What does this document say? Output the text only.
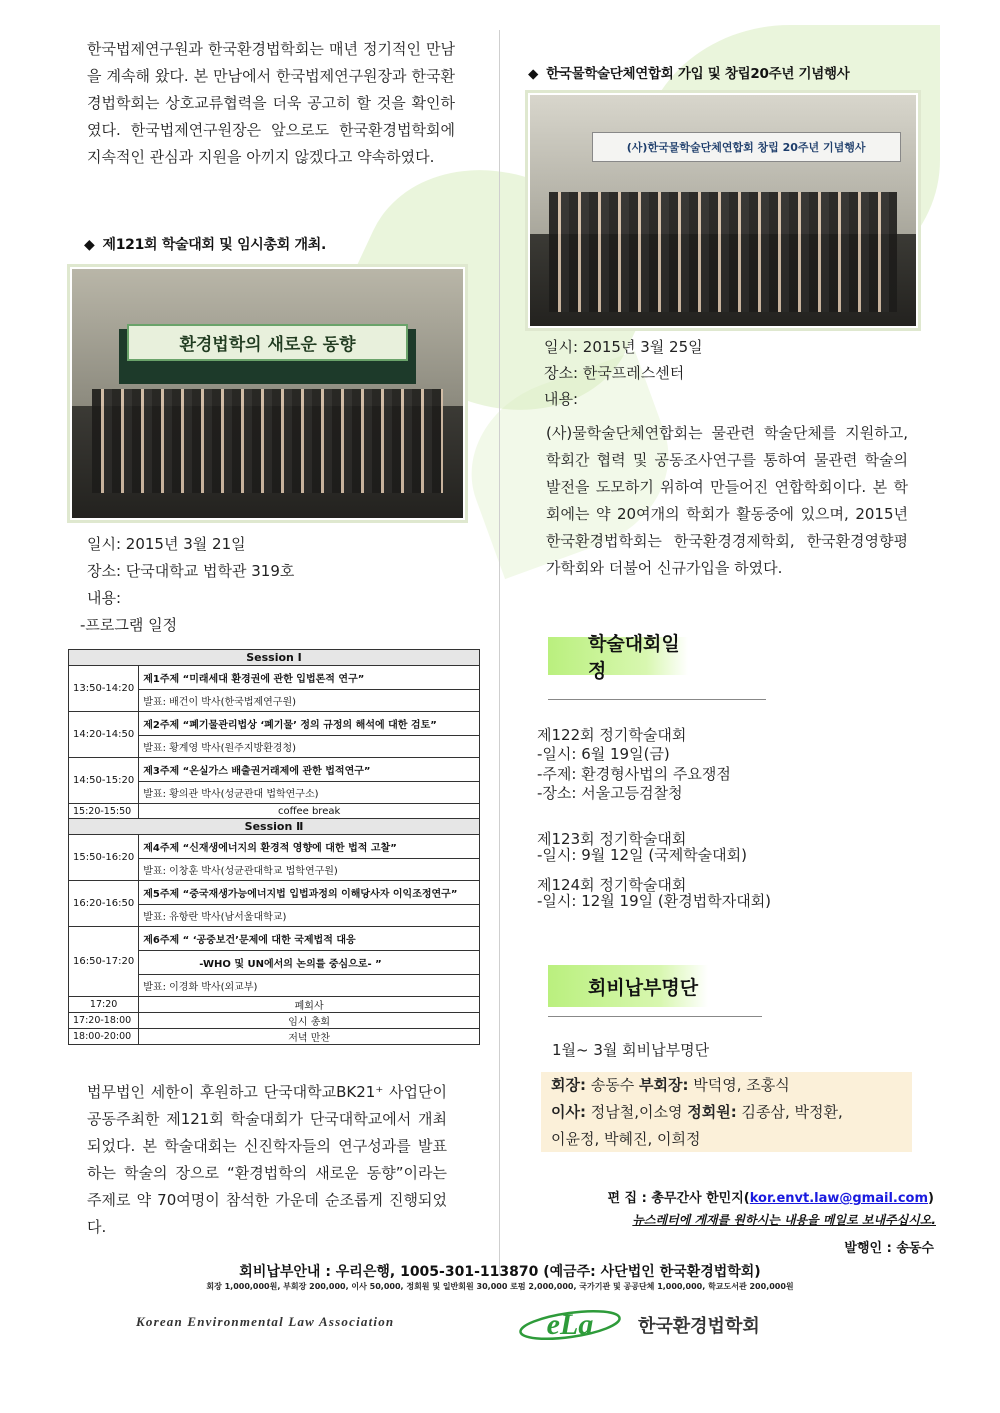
한국법제연구원과 한국환경법학회는 매년 정기적인 만남을 계속해 왔다. 본 만남에서 한국법제연구원장과 한국환경법학회는 상호교류협력을 더욱 공고히 할 것을 확인하였다. 한국법제연구원장은 앞으로도 한국환경법학회에 지속적인 관심과 지원을 아끼지 않겠다고 약속하였다.

◆ 제121회 학술대회 및 임시총회 개최.
환경법학의 새로운 동향
일시: 2015년 3월 21일
장소: 단국대학교 법학관 319호
내용:
-프로그램 일정
Session Ⅰ	
13:50-14:20	제1주제 “미래세대 환경권에 관한 입법론적 연구”
	발표: 배건이 박사(한국법제연구원)
14:20-14:50	제2주제 “폐기물관리법상 ‘폐기물’ 정의 규정의 해석에 대한 검토”
	발표: 황계영 박사(원주지방환경청)
14:50-15:20	제3주제 “온실가스 배출권거래제에 관한 법적연구”
	발표: 황의관 박사(성균관대 법학연구소)
15:20-15:50	coffee break
Session Ⅱ	
15:50-16:20	제4주제 “신재생에너지의 환경적 영향에 대한 법적 고찰”
	발표: 이창훈 박사(성균관대학교 법학연구원)
16:20-16:50	제5주제 “중국재생가능에너지법 입법과정의 이해당사자 이익조정연구”
	발표: 유항란 박사(남서울대학교)
16:50-17:20	제6주제 “ ‘공중보건’문제에 대한 국제법적 대응
	-WHO 및 UN에서의 논의를 중심으로- ”
	발표: 이경화 박사(외교부)
17:20	폐회사
17:20-18:00	임시 총회
18:00-20:00	저녁 만찬

법무법인 세한이 후원하고 단국대학교BK21⁺ 사업단이 공동주최한 제121회 학술대회가 단국대학교에서 개최되었다. 본 학술대회는 신진학자들의 연구성과를 발표하는 학술의 장으로 “환경법학의 새로운 동향”이라는 주제로 약 70여명이 참석한 가운데 순조롭게 진행되었다.

◆ 한국물학술단체연합회 가입 및 창립20주년 기념행사
(사)한국물학술단체연합회 창립 20주년 기념행사
일시: 2015년 3월 25일
장소: 한국프레스센터
내용:

(사)물학술단체연합회는 물관련 학술단체를 지원하고, 학회간 협력 및 공동조사연구를 통하여 물관련 학술의 발전을 도모하기 위하여 만들어진 연합학회이다. 본 학회에는 약 20여개의 학회가 활동중에 있으며, 2015년 한국환경법학회는 한국환경경제학회, 한국환경영향평가학회와 더불어 신규가입을 하였다.

학술대회일정
제122회 정기학술대회
-일시: 6월 19일(금)
-주제: 환경형사법의 주요쟁점
-장소: 서울고등검찰청
제123회 정기학술대회
-일시: 9월 12일 (국제학술대회)
제124회 정기학술대회
-일시: 12월 19일 (환경법학자대회)
회비납부명단
1월~ 3월 회비납부명단
회장: 송동수 부회장: 박덕영, 조홍식
이사: 정남철,이소영 정회원: 김종삼, 박정환,
이윤정, 박혜진, 이희정
편 집 : 총무간사 한민지(kor.envt.law@gmail.com)
뉴스레터에 게재를 원하시는 내용을 메일로 보내주십시오.
발행인 : 송동수
회비납부안내 : 우리은행, 1005-301-113870 (예금주: 사단법인 한국환경법학회)
회장 1,000,000원, 부회장 200,000, 이사 50,000, 정회원 및 일반회원 30,000 로펌 2,000,000, 국가기관 및 공공단체 1,000,000, 학교도서관 200,000원
Korean Environmental Law Association	eLa 한국환경법학회
